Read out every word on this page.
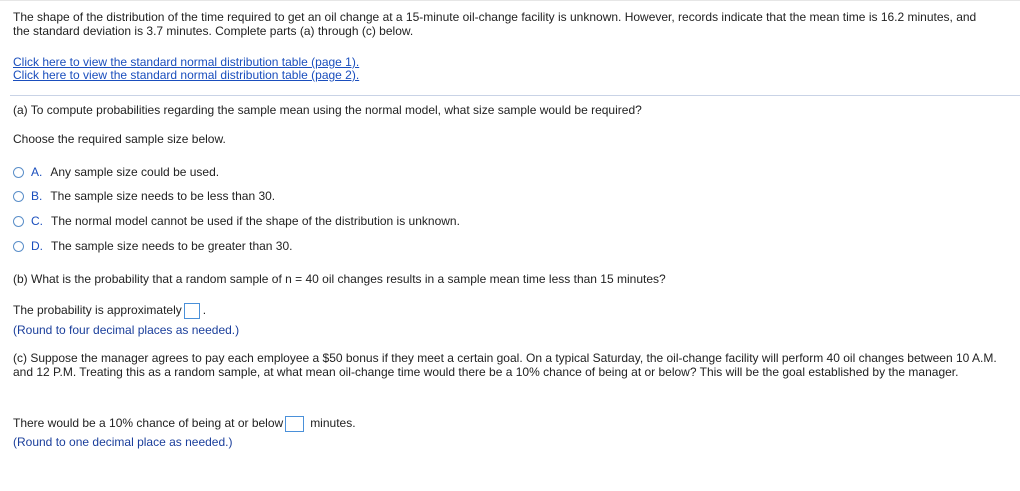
The shape of the distribution of the time required to get an oil change at a 15-minute oil-change facility is unknown. However, records indicate that the mean time is 16.2 minutes, and the standard deviation is 3.7 minutes. Complete parts (a) through (c) below.
Click here to view the standard normal distribution table (page 1).
Click here to view the standard normal distribution table (page 2).
(a) To compute probabilities regarding the sample mean using the normal model, what size sample would be required?
Choose the required sample size below.
A. Any sample size could be used.
B. The sample size needs to be less than 30.
C. The normal model cannot be used if the shape of the distribution is unknown.
D. The sample size needs to be greater than 30.
(b) What is the probability that a random sample of n = 40 oil changes results in a sample mean time less than 15 minutes?
The probability is approximately .
(Round to four decimal places as needed.)
(c) Suppose the manager agrees to pay each employee a $50 bonus if they meet a certain goal. On a typical Saturday, the oil-change facility will perform 40 oil changes between 10 A.M. and 12 P.M. Treating this as a random sample, at what mean oil-change time would there be a 10% chance of being at or below? This will be the goal established by the manager.
There would be a 10% chance of being at or below minutes.
(Round to one decimal place as needed.)
